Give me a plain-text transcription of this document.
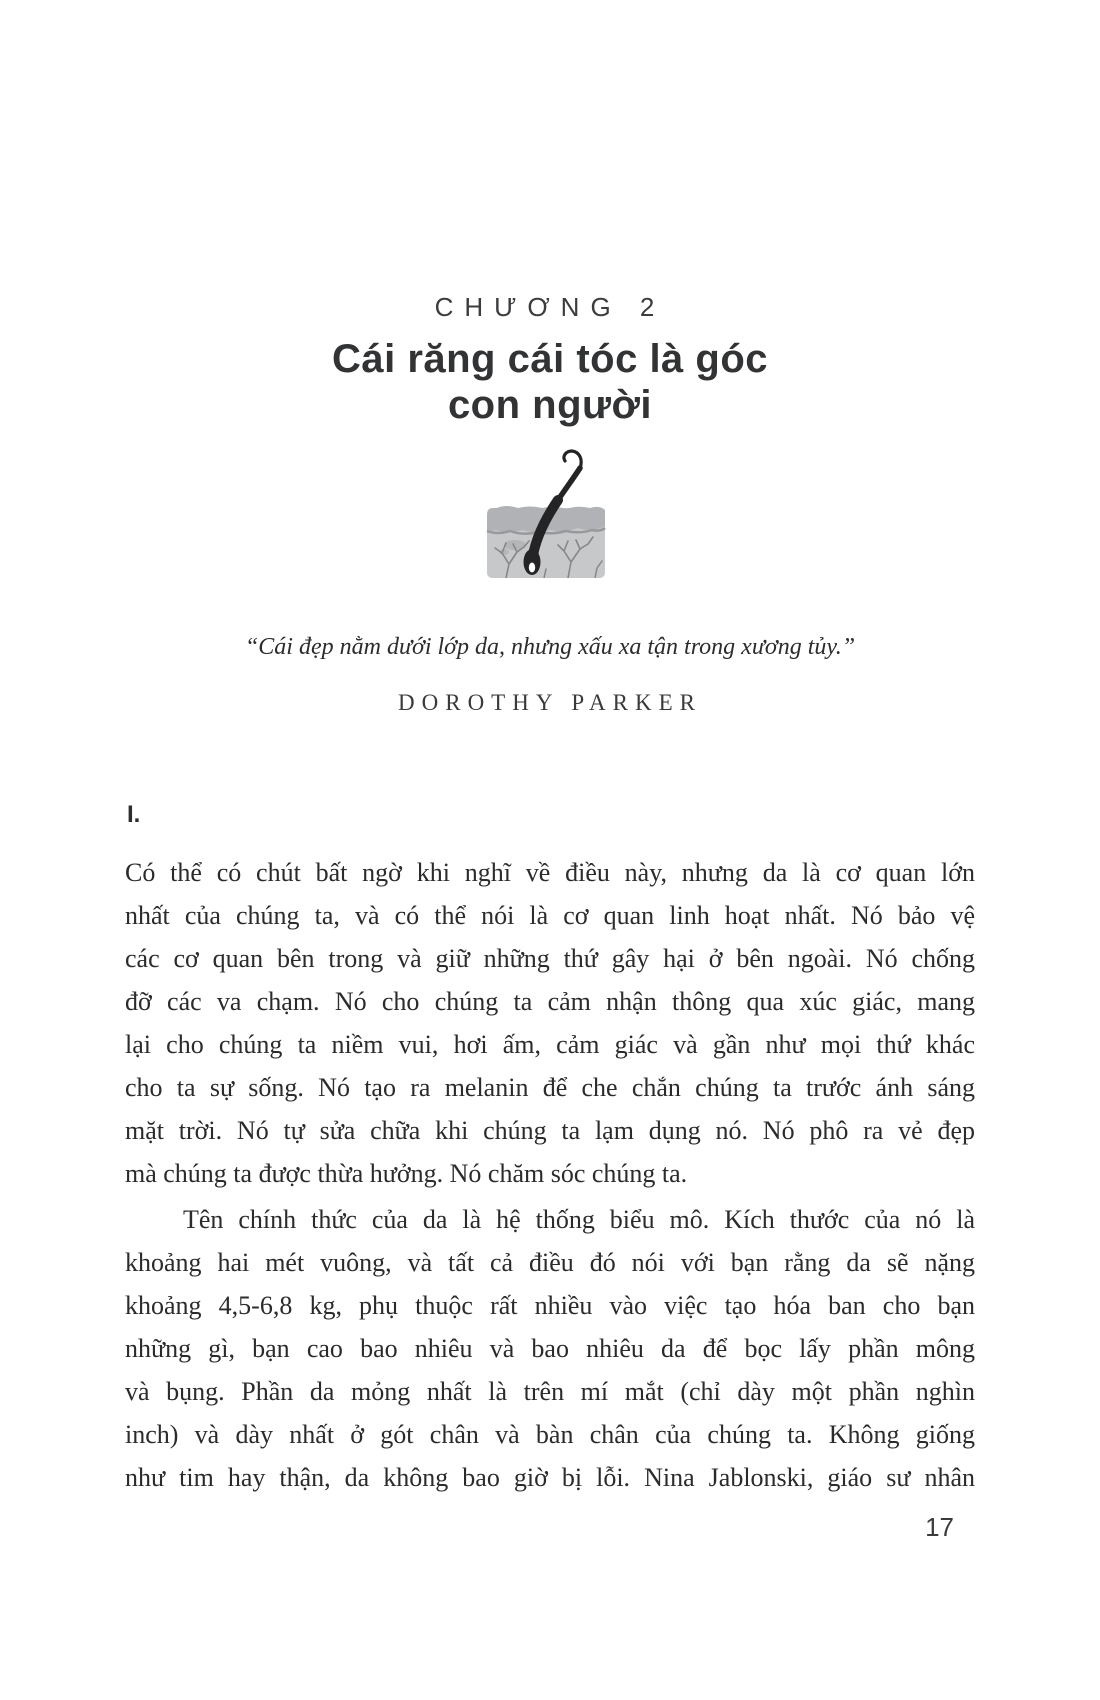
CHƯƠNG 2
Cái răng cái tóc là góc
con người
“Cái đẹp nằm dưới lớp da, nhưng xấu xa tận trong xương tủy.”
DOROTHY PARKER
I.
Có thể có chút bất ngờ khi nghĩ về điều này, nhưng da là cơ quan lớn
nhất của chúng ta, và có thể nói là cơ quan linh hoạt nhất. Nó bảo vệ
các cơ quan bên trong và giữ những thứ gây hại ở bên ngoài. Nó chống
đỡ các va chạm. Nó cho chúng ta cảm nhận thông qua xúc giác, mang
lại cho chúng ta niềm vui, hơi ấm, cảm giác và gần như mọi thứ khác
cho ta sự sống. Nó tạo ra melanin để che chắn chúng ta trước ánh sáng
mặt trời. Nó tự sửa chữa khi chúng ta lạm dụng nó. Nó phô ra vẻ đẹp
mà chúng ta được thừa hưởng. Nó chăm sóc chúng ta.
Tên chính thức của da là hệ thống biểu mô. Kích thước của nó là
khoảng hai mét vuông, và tất cả điều đó nói với bạn rằng da sẽ nặng
khoảng 4,5-6,8 kg, phụ thuộc rất nhiều vào việc tạo hóa ban cho bạn
những gì, bạn cao bao nhiêu và bao nhiêu da để bọc lấy phần mông
và bụng. Phần da mỏng nhất là trên mí mắt (chỉ dày một phần nghìn
inch) và dày nhất ở gót chân và bàn chân của chúng ta. Không giống
như tim hay thận, da không bao giờ bị lỗi. Nina Jablonski, giáo sư nhân
17
